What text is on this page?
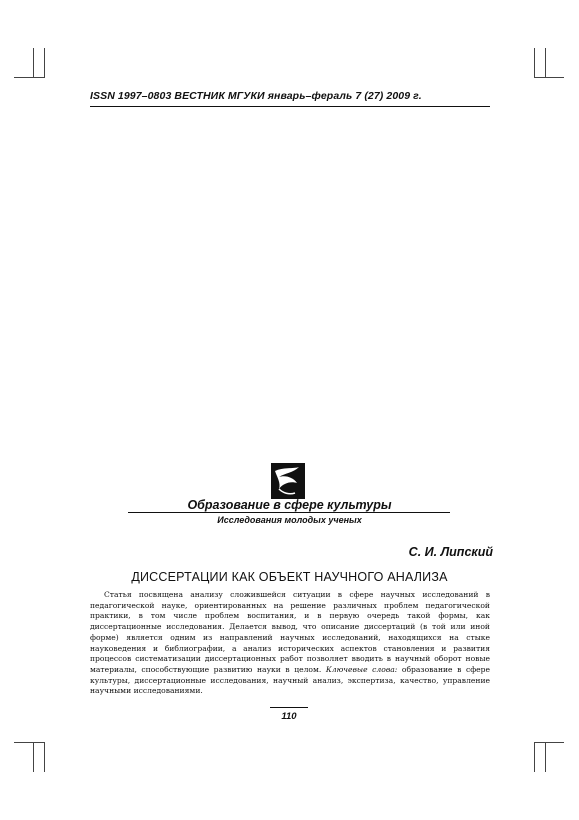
ISSN 1997–0803 ВЕСТНИК МГУКИ январь–фераль 7 (27) 2009 г.
Образование в сфере культуры
Исследования молодых ученых
С. И. Липский
ДИССЕРТАЦИИ КАК ОБЪЕКТ НАУЧНОГО АНАЛИЗА
Статья посвящена анализу сложившейся ситуации в сфере научных исследований в педагогической науке, ориентированных на решение различных проблем педагогической практики, в том числе проблем воспитания, и в первую очередь такой формы, как диссертационные исследования. Делается вывод, что описание диссертаций (в той или иной форме) является одним из направлений научных исследований, находящихся на стыке науковедения и библиографии, а анализ исторических аспектов становления и развития процессов систематизации диссертационных работ позволяет вводить в научный оборот новые материалы, способствующие развитию науки в целом. Ключевые слова: образование в сфере культуры, диссертационные исследования, научный анализ, экспертиза, качество, управление научными исследованиями.
110
